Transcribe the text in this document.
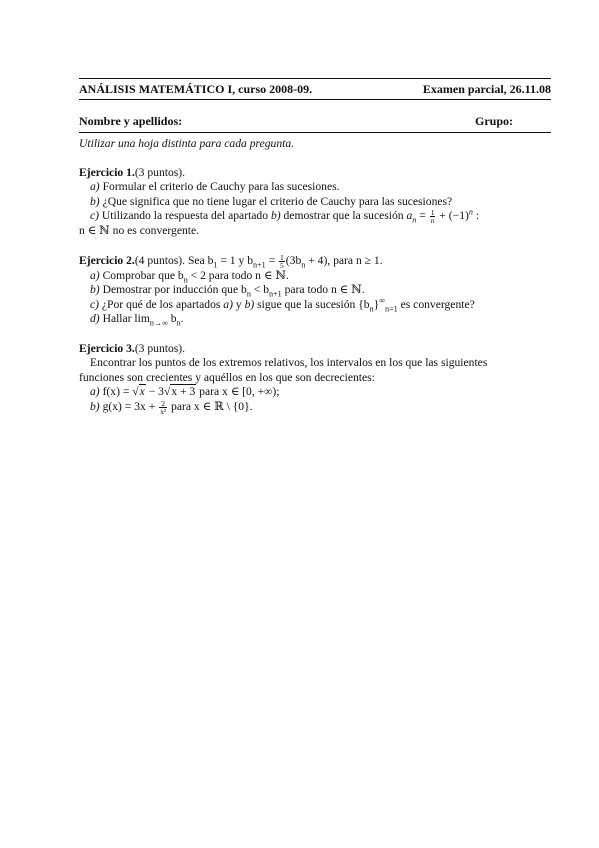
ANÁLISIS MATEMÁTICO I, curso 2008-09.	Examen parcial, 26.11.08
Nombre y apellidos:	Grupo:
Utilizar una hoja distinta para cada pregunta.
Ejercicio 1.(3 puntos).
a) Formular el criterio de Cauchy para las sucesiones.
b) ¿Que significa que no tiene lugar el criterio de Cauchy para las sucesiones?
c) Utilizando la respuesta del apartado b) demostrar que la sucesión $a_n = \frac{1}{n} + (-1)^n$ :
n ∈ ℕ no es convergente.
Ejercicio 2.(4 puntos). Sea $b_1 = 1$ y $b_{n+1} = \frac{1}{5} (3b_n + 4)$, para n ≥ 1.
a) Comprobar que $b_n < 2$ para todo n ∈ ℕ.
b) Demostrar por inducción que $b_n < b_{n+1}$ para todo n ∈ ℕ.
c) ¿Por qué de los apartados a) y b) sigue que la sucesión $\{b_n\}^\infty_{n=1}$ es convergente?
d) Hallar $\lim_{n\to\infty} b_n$.
Ejercicio 3.(3 puntos).
Encontrar los puntos de los extremos relativos, los intervalos en los que las siguientes
funciones son crecientes y aquéllos en los que son decrecientes:
a) f(x) = √x − 3√x + 3 para x ∈ [0, +∞);
b) $g(x) = 3x + \frac{2}{\text{x²}}$ para x ∈ ℝ \ {0}.
